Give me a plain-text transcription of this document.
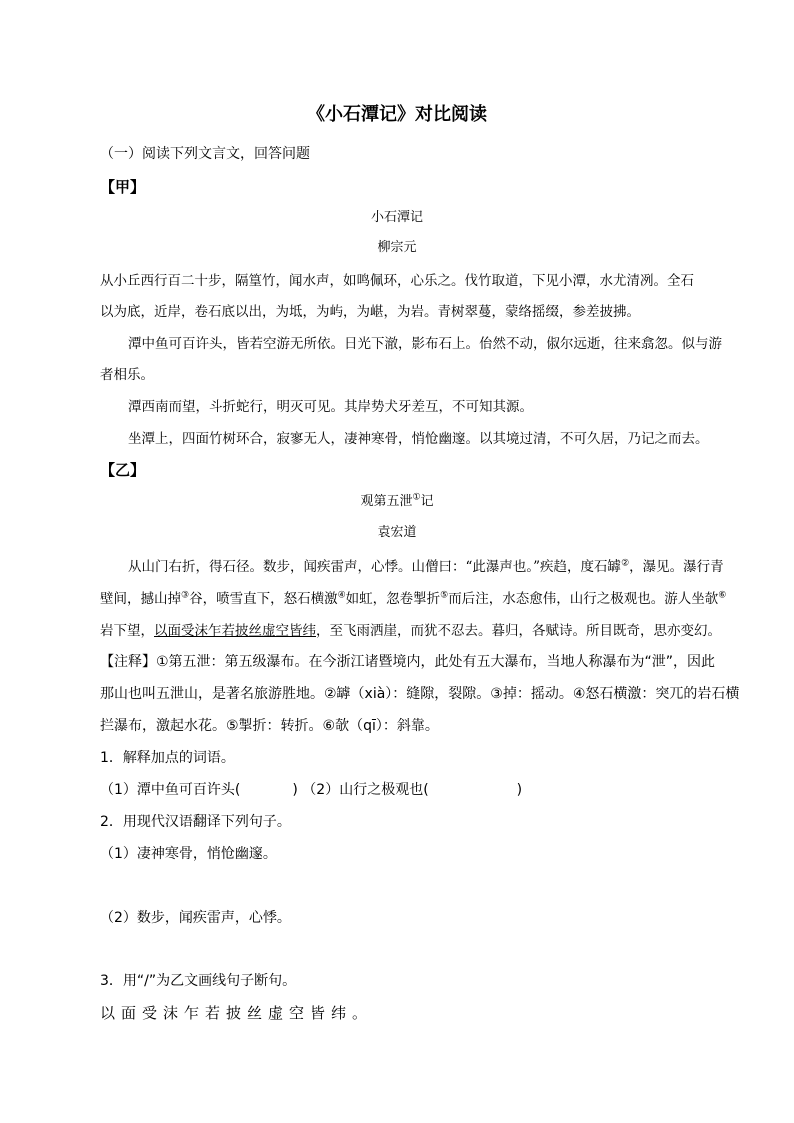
《小石潭记》对比阅读
（一）阅读下列文言文，回答问题
【甲】
小石潭记
柳宗元
从小丘西行百二十步，隔篁竹，闻水声，如鸣佩环，心乐之。伐竹取道，下见小潭，水尤清冽。全石
以为底，近岸，卷石底以出，为坻，为屿，为嵁，为岩。青树翠蔓，蒙络摇缀，参差披拂。
潭中鱼可百许头，皆若空游无所依。日光下澈，影布石上。佁然不动，俶尔远逝，往来翕忽。似与游
者相乐。
潭西南而望，斗折蛇行，明灭可见。其岸势犬牙差互，不可知其源。
坐潭上，四面竹树环合，寂寥无人，凄神寒骨，悄怆幽邃。以其境过清，不可久居，乃记之而去。
【乙】
观第五泄①记
袁宏道
从山门右折，得石径。数步，闻疾雷声，心悸。山僧曰：“此瀑声也。”疾趋，度石罅②，瀑见。瀑行青
壁间，撼山掉③谷，喷雪直下，怒石横激④如虹，忽卷掣折⑤而后注，水态愈伟，山行之极观也。游人坐欹⑥
岩下望，以面受沫乍若披丝虚空皆纬，至飞雨洒崖，而犹不忍去。暮归，各赋诗。所目既奇，思亦变幻。
【注释】①第五泄：第五级瀑布。在今浙江诸暨境内，此处有五大瀑布，当地人称瀑布为“泄”，因此
那山也叫五泄山，是著名旅游胜地。②罅（xià）：缝隙，裂隙。③掉：摇动。④怒石横激：突兀的岩石横
拦瀑布，激起水花。⑤掣折：转折。⑥欹（qī）：斜靠。
1．解释加点的词语。
（1）潭中鱼可百许头(	) （2）山行之极观也(	)
2．用现代汉语翻译下列句子。
（1）凄神寒骨，悄怆幽邃。
（2）数步，闻疾雷声，心悸。
3．用“/”为乙文画线句子断句。
以面受沫乍若披丝虚空皆纬。
